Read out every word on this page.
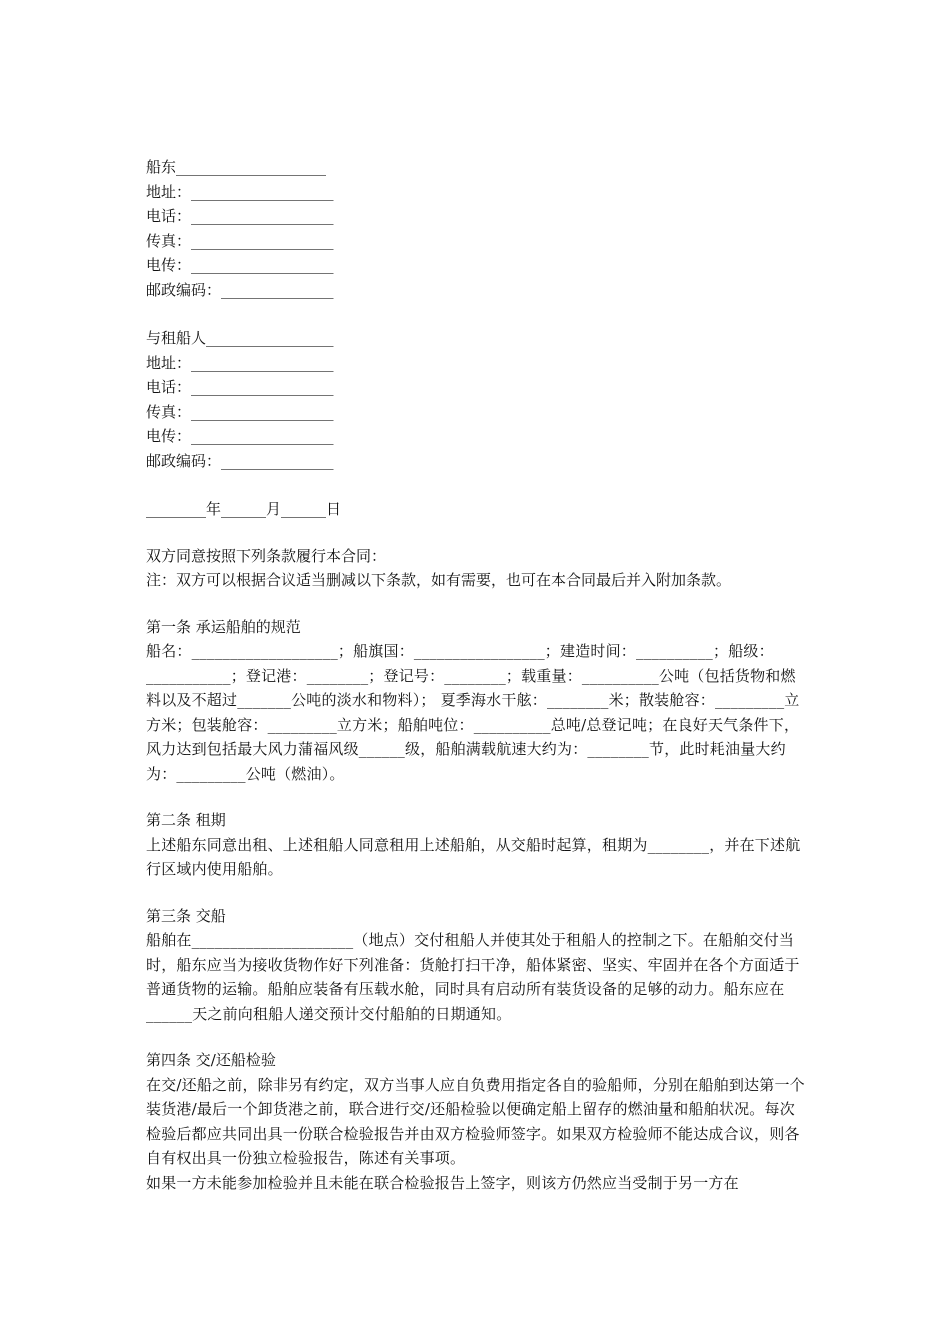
船东____________________
地址：___________________
电话：___________________
传真：___________________
电传：___________________
邮政编码：_______________
与租船人_________________
地址：___________________
电话：___________________
传真：___________________
电传：___________________
邮政编码：_______________
________年______月______日
双方同意按照下列条款履行本合同：
注：双方可以根据合议适当删减以下条款，如有需要，也可在本合同最后并入附加条款。
第一条 承运船舶的规范
船名：___________________；船旗国：_________________；建造时间：__________；船级：___________；登记港：________；登记号：________；载重量：__________公吨（包括货物和燃料以及不超过_______公吨的淡水和物料）； 夏季海水干舷：________米；散装舱容：_________立方米；包装舱容：_________立方米；船舶吨位：__________总吨/总登记吨；在良好天气条件下，风力达到包括最大风力蒲福风级______级，船舶满载航速大约为：________节，此时耗油量大约为：_________公吨（燃油）。
第二条 租期
上述船东同意出租、上述租船人同意租用上述船舶，从交船时起算，租期为________，并在下述航行区域内使用船舶。
第三条 交船
船舶在_____________________（地点）交付租船人并使其处于租船人的控制之下。在船舶交付当时，船东应当为接收货物作好下列准备：货舱打扫干净，船体紧密、坚实、牢固并在各个方面适于普通货物的运输。船舶应装备有压载水舱，同时具有启动所有装货设备的足够的动力。船东应在______天之前向租船人递交预计交付船舶的日期通知。
第四条 交/还船检验
在交/还船之前，除非另有约定，双方当事人应自负费用指定各自的验船师，分别在船舶到达第一个装货港/最后一个卸货港之前，联合进行交/还船检验以便确定船上留存的燃油量和船舶状况。每次检验后都应共同出具一份联合检验报告并由双方检验师签字。如果双方检验师不能达成合议，则各自有权出具一份独立检验报告，陈述有关事项。
如果一方未能参加检验并且未能在联合检验报告上签字，则该方仍然应当受制于另一方在
